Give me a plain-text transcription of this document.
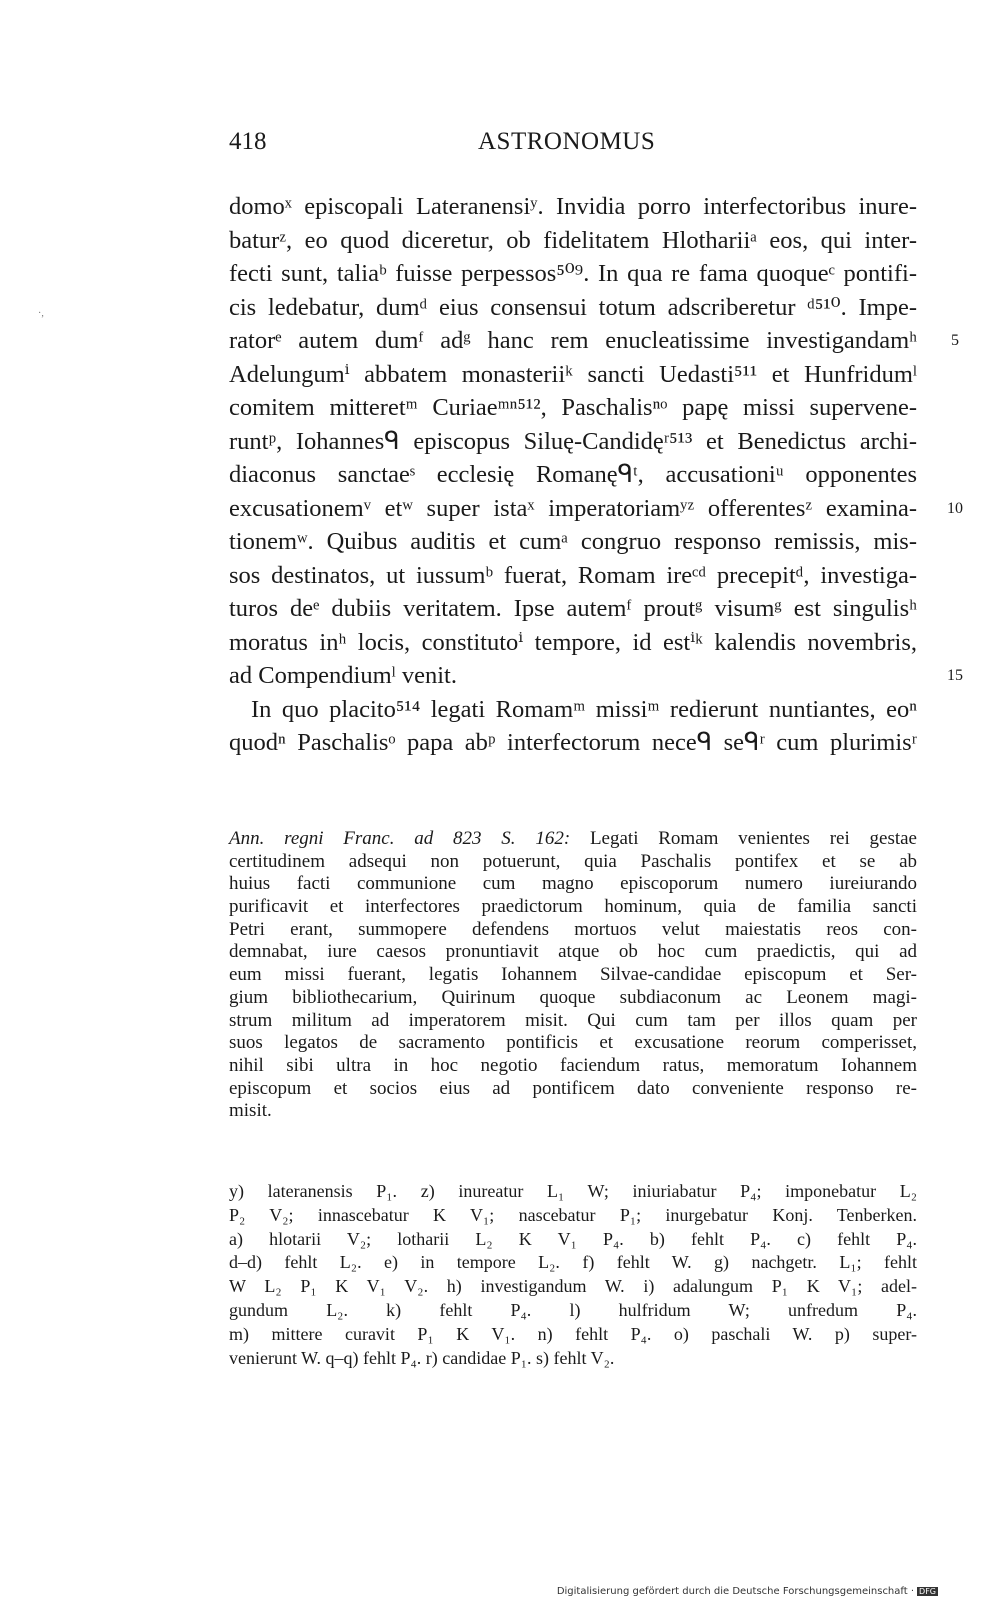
418	ASTRONOMUS
·,
domoˣ episcopali Lateranensiʸ. Invidia porro interfectoribus inure-
baturᶻ, eo quod diceretur, ob fidelitatem Hlothariiᵃ eos, qui inter-
fecti sunt, taliaᵇ fuisse perpessos⁵⁰⁹. In qua re fama quoqueᶜ pontifi-
cis ledebatur, dumᵈ eius consensui totum adscriberetur ᵈ⁵¹⁰. Impe-
ratorᵉ autem dumᶠ adᵍ hanc rem enucleatissime investigandamʰ
Adelungumⁱ abbatem monasteriiᵏ sancti Uedasti⁵¹¹ et Hunfridumˡ
comitem mitteretᵐ Curiaeᵐⁿ⁵¹², Paschalisⁿᵒ papę missi supervene-
runtᵖ, Iohannesᑫ episcopus Siluę-Candidęʳ⁵¹³ et Benedictus archi-
diaconus sanctaeˢ ecclesię Romanęᑫᵗ, accusationiᵘ opponentes
excusationemᵛ etʷ super istaˣ imperatoriamʸᶻ offerentesᶻ examina-
tionemʷ. Quibus auditis et cumᵃ congruo responso remissis, mis-
sos destinatos, ut iussumᵇ fuerat, Romam ireᶜᵈ precepitᵈ, investiga-
turos deᵉ dubiis veritatem. Ipse autemᶠ proutᵍ visumᵍ est singulisʰ
moratus inʰ locis, constitutoⁱ tempore, id estⁱᵏ kalendis novembris,
ad Compendiumˡ venit.
In quo placito⁵¹⁴ legati Romamᵐ missiᵐ redierunt nuntiantes, eoⁿ
quodⁿ Paschalisᵒ papa abᵖ interfectorum neceᑫ seᑫʳ cum plurimisʳ
5
10
15
Ann. regni Franc. ad 823 S. 162: Legati Romam venientes rei gestae
certitudinem adsequi non potuerunt, quia Paschalis pontifex et se ab
huius facti communione cum magno episcoporum numero iureiurando
purificavit et interfectores praedictorum hominum, quia de familia sancti
Petri erant, summopere defendens mortuos velut maiestatis reos con-
demnabat, iure caesos pronuntiavit atque ob hoc cum praedictis, qui ad
eum missi fuerant, legatis Iohannem Silvae-candidae episcopum et Ser-
gium bibliothecarium, Quirinum quoque subdiaconum ac Leonem magi-
strum militum ad imperatorem misit. Qui cum tam per illos quam per
suos legatos de sacramento pontificis et excusatione reorum comperisset,
nihil sibi ultra in hoc negotio faciendum ratus, memoratum Iohannem
episcopum et socios eius ad pontificem dato conveniente responso re-
misit.
y) lateranensis P₁. z) inureatur L₁ W; iniuriabatur P₄; imponebatur L₂
P₂ V₂; innascebatur K V₁; nascebatur P₁; inurgebatur Konj. Tenberken.
a) hlotarii V₂; lotharii L₂ K V₁ P₄. b) fehlt P₄. c) fehlt P₄.
d–d) fehlt L₂. e) in tempore L₂. f) fehlt W. g) nachgetr. L₁; fehlt
W L₂ P₁ K V₁ V₂. h) investigandum W. i) adalungum P₁ K V₁; adel-
gundum L₂. k) fehlt P₄. l) hulfridum W; unfredum P₄.
m) mittere curavit P₁ K V₁. n) fehlt P₄. o) paschali W. p) super-
venierunt W. q–q) fehlt P₄. r) candidae P₁. s) fehlt V₂.
Digitalisierung gefördert durch die Deutsche Forschungsgemeinschaft · DFG
